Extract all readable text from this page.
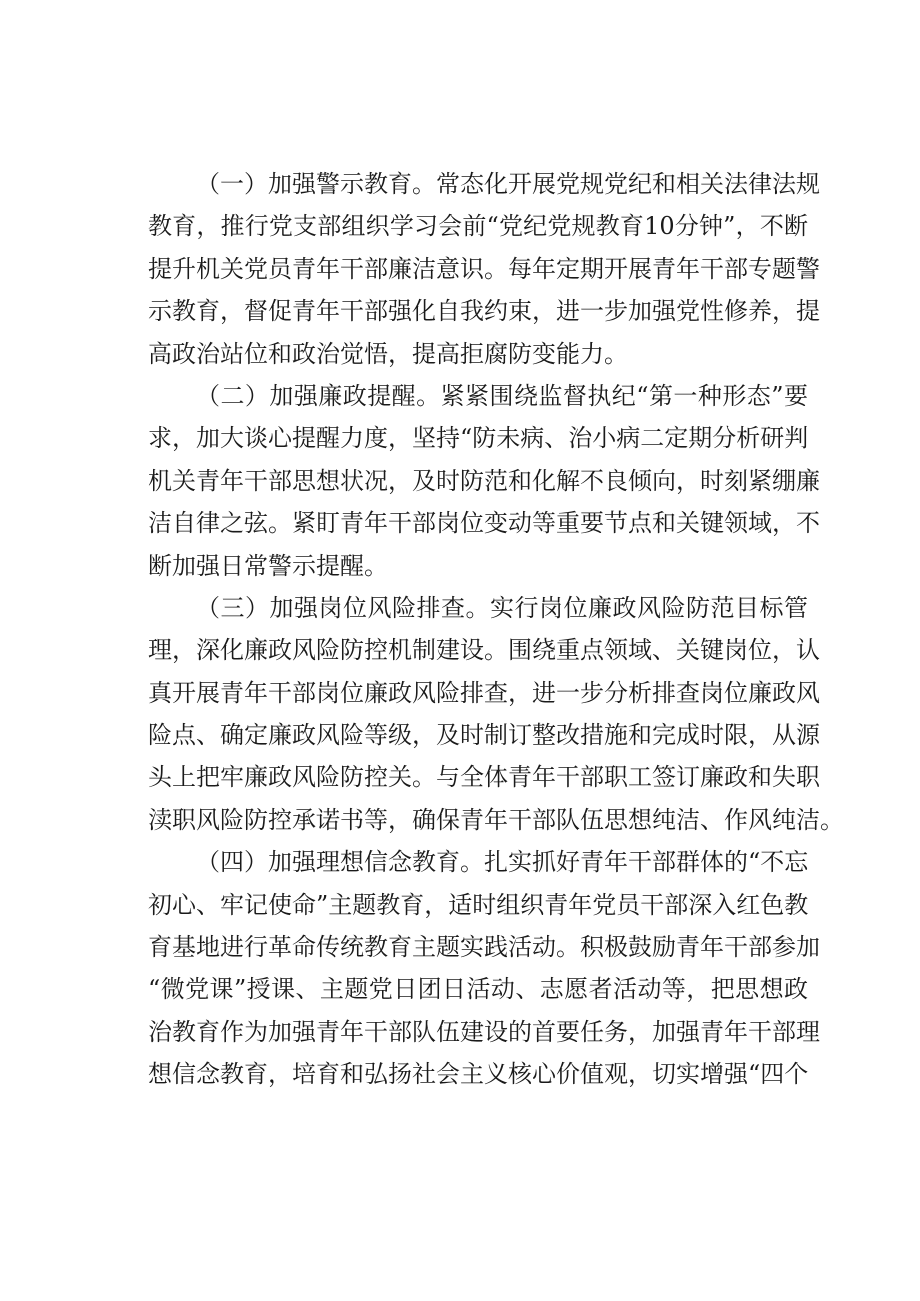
（一）加强警示教育。常态化开展党规党纪和相关法律法规
教育，推行党支部组织学习会前“党纪党规教育10分钟”，不断
提升机关党员青年干部廉洁意识。每年定期开展青年干部专题警
示教育，督促青年干部强化自我约束，进一步加强党性修养，提
高政治站位和政治觉悟，提高拒腐防变能力。
（二）加强廉政提醒。紧紧围绕监督执纪“第一种形态”要
求，加大谈心提醒力度，坚持“防未病、治小病二定期分析研判
机关青年干部思想状况，及时防范和化解不良倾向，时刻紧绷廉
洁自律之弦。紧盯青年干部岗位变动等重要节点和关键领域，不
断加强日常警示提醒。
（三）加强岗位风险排查。实行岗位廉政风险防范目标管
理，深化廉政风险防控机制建设。围绕重点领域、关键岗位，认
真开展青年干部岗位廉政风险排查，进一步分析排查岗位廉政风
险点、确定廉政风险等级，及时制订整改措施和完成时限，从源
头上把牢廉政风险防控关。与全体青年干部职工签订廉政和失职
渎职风险防控承诺书等，确保青年干部队伍思想纯洁、作风纯洁。
（四）加强理想信念教育。扎实抓好青年干部群体的“不忘
初心、牢记使命”主题教育，适时组织青年党员干部深入红色教
育基地进行革命传统教育主题实践活动。积极鼓励青年干部参加
“微党课”授课、主题党日团日活动、志愿者活动等，把思想政
治教育作为加强青年干部队伍建设的首要任务，加强青年干部理
想信念教育，培育和弘扬社会主义核心价值观，切实增强“四个
